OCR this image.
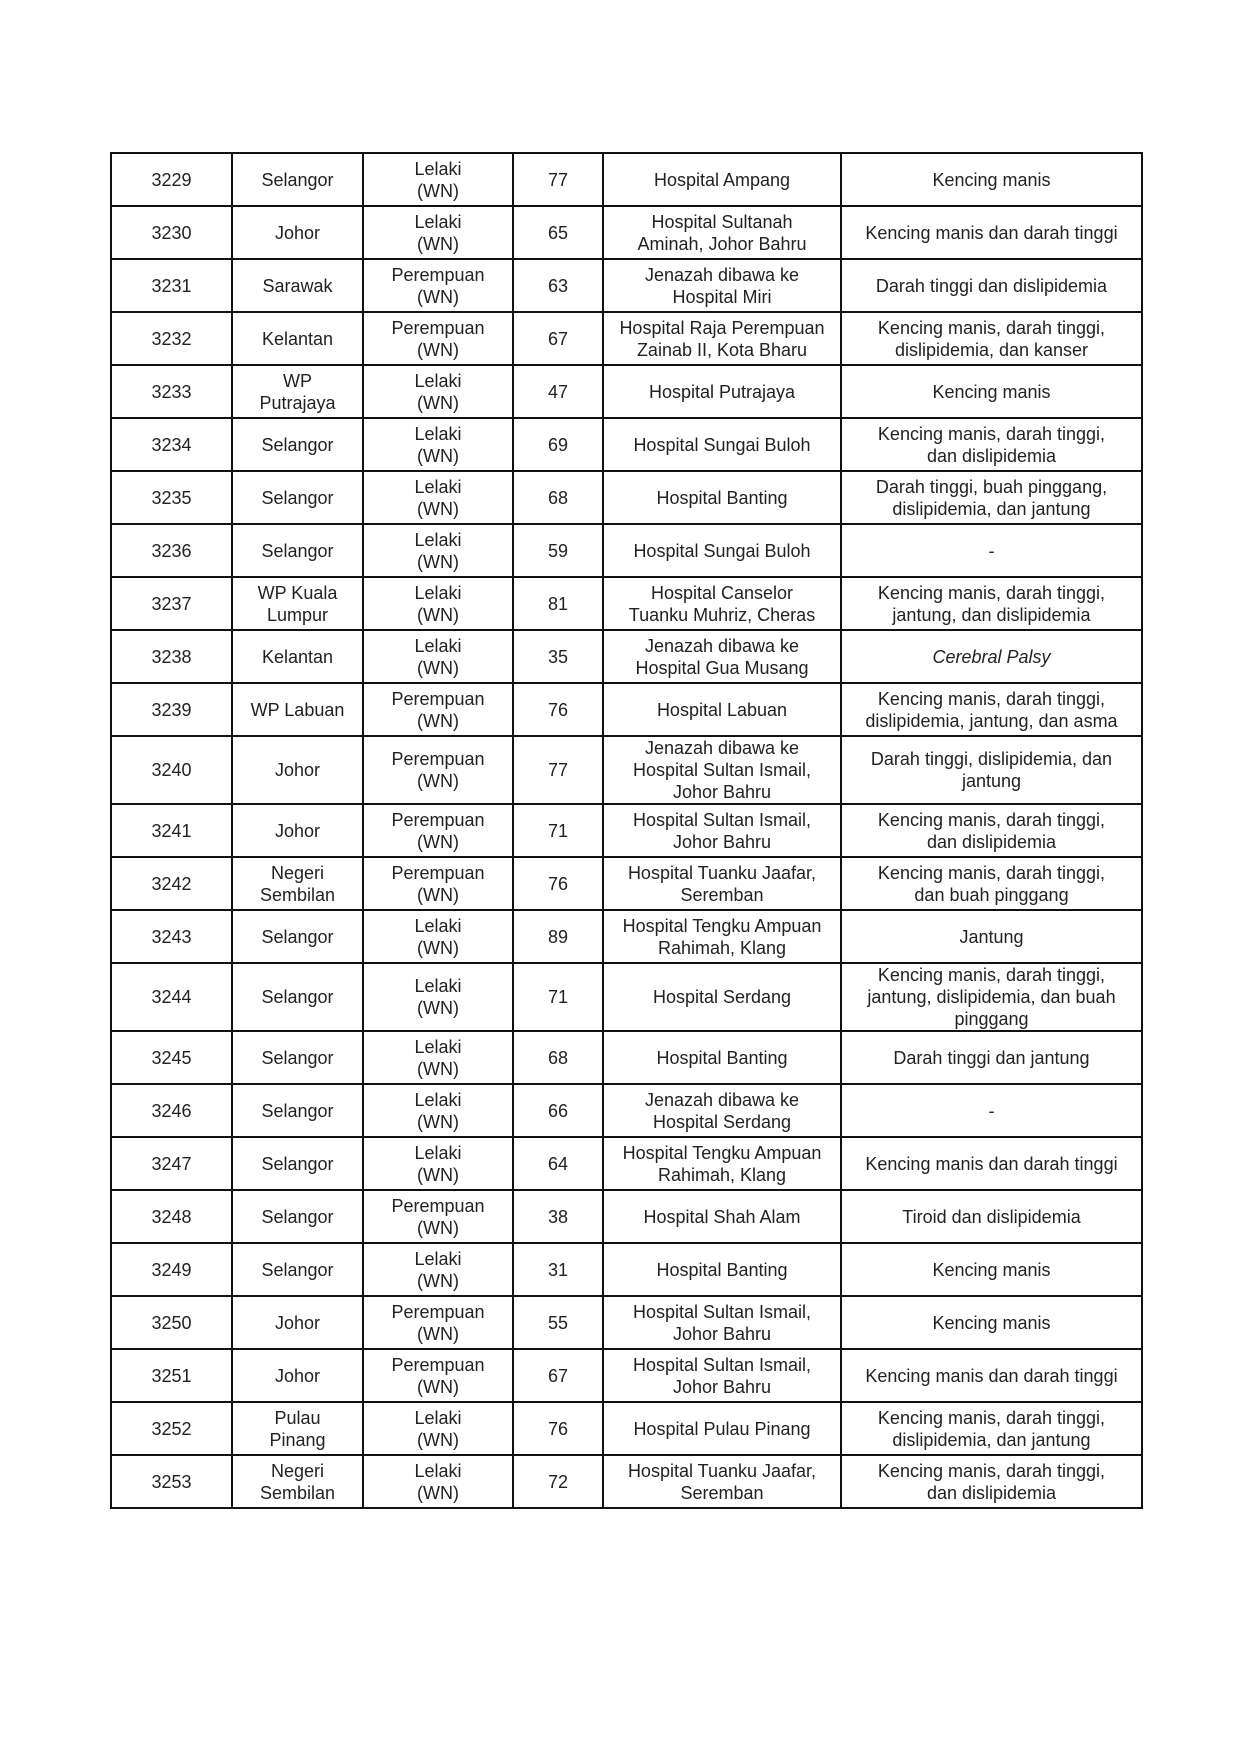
3229	Selangor	Lelaki
(WN)	77	Hospital Ampang	Kencing manis

3230	Johor	Lelaki
(WN)	65	Hospital Sultanah
Aminah, Johor Bahru	Kencing manis dan darah tinggi

3231	Sarawak	Perempuan
(WN)	63	Jenazah dibawa ke
Hospital Miri	Darah tinggi dan dislipidemia

3232	Kelantan	Perempuan
(WN)	67	Hospital Raja Perempuan
Zainab II, Kota Bharu	Kencing manis, darah tinggi,
dislipidemia, dan kanser

3233	WP
Putrajaya	Lelaki
(WN)	47	Hospital Putrajaya	Kencing manis

3234	Selangor	Lelaki
(WN)	69	Hospital Sungai Buloh	Kencing manis, darah tinggi,
dan dislipidemia

3235	Selangor	Lelaki
(WN)	68	Hospital Banting	Darah tinggi, buah pinggang,
dislipidemia, dan jantung

3236	Selangor	Lelaki
(WN)	59	Hospital Sungai Buloh	-

3237	WP Kuala
Lumpur	Lelaki
(WN)	81	Hospital Canselor
Tuanku Muhriz, Cheras	Kencing manis, darah tinggi,
jantung, dan dislipidemia

3238	Kelantan	Lelaki
(WN)	35	Jenazah dibawa ke
Hospital Gua Musang	Cerebral Palsy

3239	WP Labuan	Perempuan
(WN)	76	Hospital Labuan	Kencing manis, darah tinggi,
dislipidemia, jantung, dan asma

3240	Johor	Perempuan
(WN)	77	Jenazah dibawa ke
Hospital Sultan Ismail,
Johor Bahru	Darah tinggi, dislipidemia, dan
jantung

3241	Johor	Perempuan
(WN)	71	Hospital Sultan Ismail,
Johor Bahru	Kencing manis, darah tinggi,
dan dislipidemia

3242	Negeri
Sembilan	Perempuan
(WN)	76	Hospital Tuanku Jaafar,
Seremban	Kencing manis, darah tinggi,
dan buah pinggang

3243	Selangor	Lelaki
(WN)	89	Hospital Tengku Ampuan
Rahimah, Klang	Jantung

3244	Selangor	Lelaki
(WN)	71	Hospital Serdang	Kencing manis, darah tinggi,
jantung, dislipidemia, dan buah
pinggang

3245	Selangor	Lelaki
(WN)	68	Hospital Banting	Darah tinggi dan jantung

3246	Selangor	Lelaki
(WN)	66	Jenazah dibawa ke
Hospital Serdang	-

3247	Selangor	Lelaki
(WN)	64	Hospital Tengku Ampuan
Rahimah, Klang	Kencing manis dan darah tinggi

3248	Selangor	Perempuan
(WN)	38	Hospital Shah Alam	Tiroid dan dislipidemia

3249	Selangor	Lelaki
(WN)	31	Hospital Banting	Kencing manis

3250	Johor	Perempuan
(WN)	55	Hospital Sultan Ismail,
Johor Bahru	Kencing manis

3251	Johor	Perempuan
(WN)	67	Hospital Sultan Ismail,
Johor Bahru	Kencing manis dan darah tinggi

3252	Pulau
Pinang	Lelaki
(WN)	76	Hospital Pulau Pinang	Kencing manis, darah tinggi,
dislipidemia, dan jantung

3253	Negeri
Sembilan	Lelaki
(WN)	72	Hospital Tuanku Jaafar,
Seremban	Kencing manis, darah tinggi,
dan dislipidemia
